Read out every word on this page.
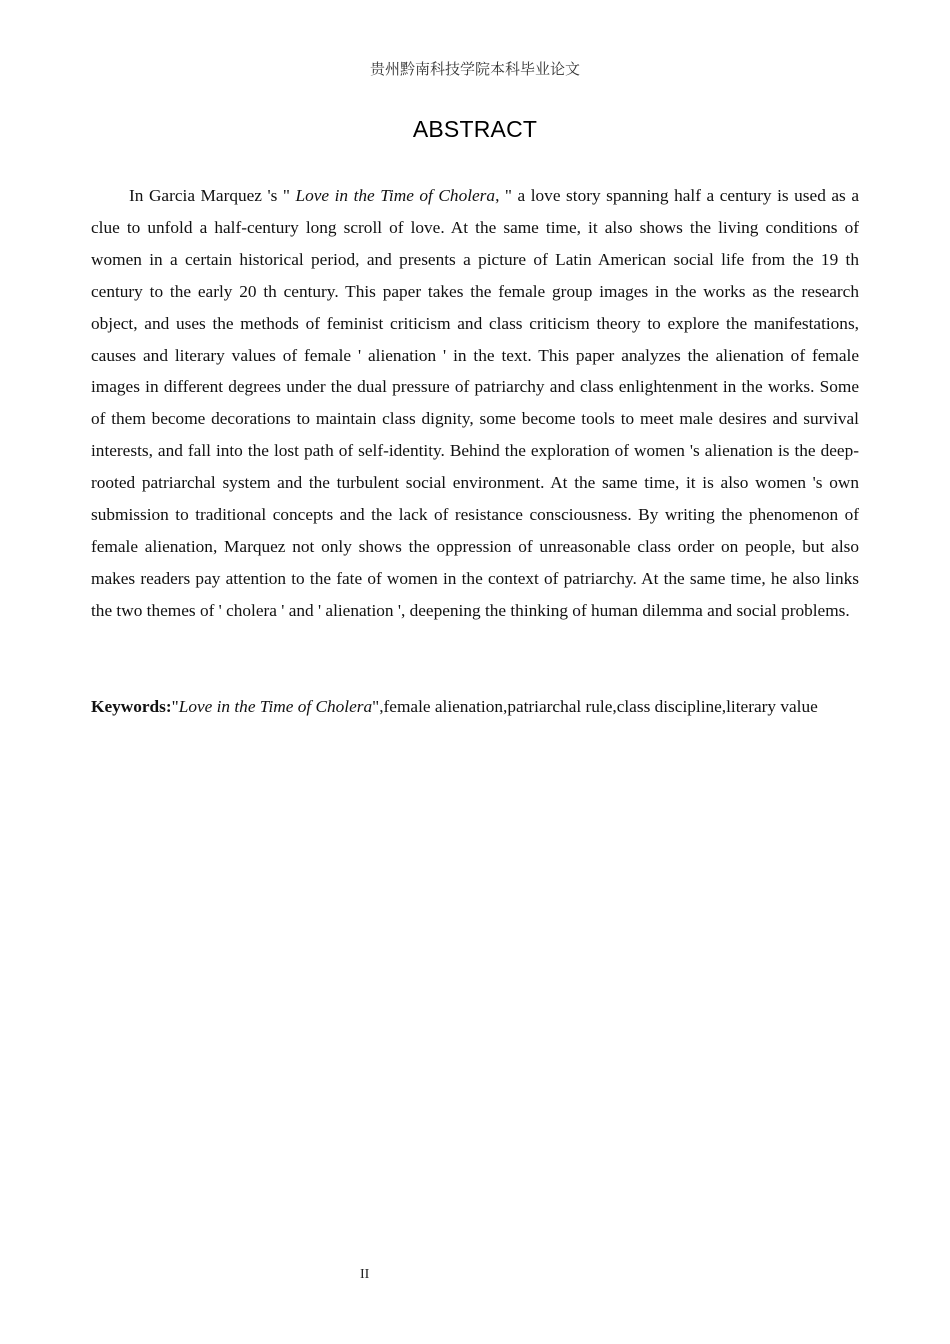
贵州黔南科技学院本科毕业论文
ABSTRACT

In Garcia Marquez 's " Love in the Time of Cholera, " a love story spanning half a century is used as a clue to unfold a half-century long scroll of love. At the same time, it also shows the living conditions of women in a certain historical period, and presents a picture of Latin American social life from the 19 th century to the early 20 th century. This paper takes the female group images in the works as the research object, and uses the methods of feminist criticism and class criticism theory to explore the manifestations, causes and literary values of female ' alienation ' in the text. This paper analyzes the alienation of female images in different degrees under the dual pressure of patriarchy and class enlightenment in the works. Some of them become decorations to maintain class dignity, some become tools to meet male desires and survival interests, and fall into the lost path of self-identity. Behind the exploration of women 's alienation is the deep-rooted patriarchal system and the turbulent social environment. At the same time, it is also women 's own submission to traditional concepts and the lack of resistance consciousness. By writing the phenomenon of female alienation, Marquez not only shows the oppression of unreasonable class order on people, but also makes readers pay attention to the fate of women in the context of patriarchy. At the same time, he also links the two themes of ' cholera ' and ' alienation ', deepening the thinking of human dilemma and social problems.

Keywords:"Love in the Time of Cholera",female alienation,patriarchal rule,class discipline,literary value

II
